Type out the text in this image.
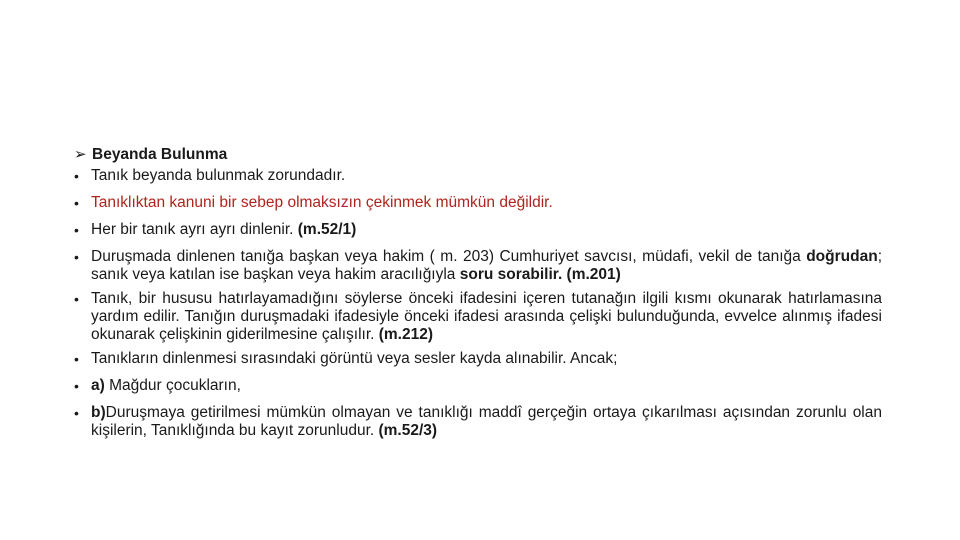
➢ Beyanda Bulunma
• Tanık beyanda bulunmak zorundadır.
• Tanıklıktan kanuni bir sebep olmaksızın çekinmek mümkün değildir.
• Her bir tanık ayrı ayrı dinlenir. (m.52/1)
• Duruşmada dinlenen tanığa başkan veya hakim ( m. 203) Cumhuriyet savcısı, müdafi, vekil de tanığa doğrudan; sanık veya katılan ise başkan veya hakim aracılığıyla soru sorabilir. (m.201)
• Tanık, bir hususu hatırlayamadığını söylerse önceki ifadesini içeren tutanağın ilgili kısmı okunarak hatırlamasına yardım edilir. Tanığın duruşmadaki ifadesiyle önceki ifadesi arasında çelişki bulunduğunda, evvelce alınmış ifadesi okunarak çelişkinin giderilmesine çalışılır. (m.212)
• Tanıkların dinlenmesi sırasındaki görüntü veya sesler kayda alınabilir. Ancak;
• a) Mağdur çocukların,
• b)Duruşmaya getirilmesi mümkün olmayan ve tanıklığı maddî gerçeğin ortaya çıkarılması açısından zorunlu olan kişilerin, Tanıklığında bu kayıt zorunludur. (m.52/3)
